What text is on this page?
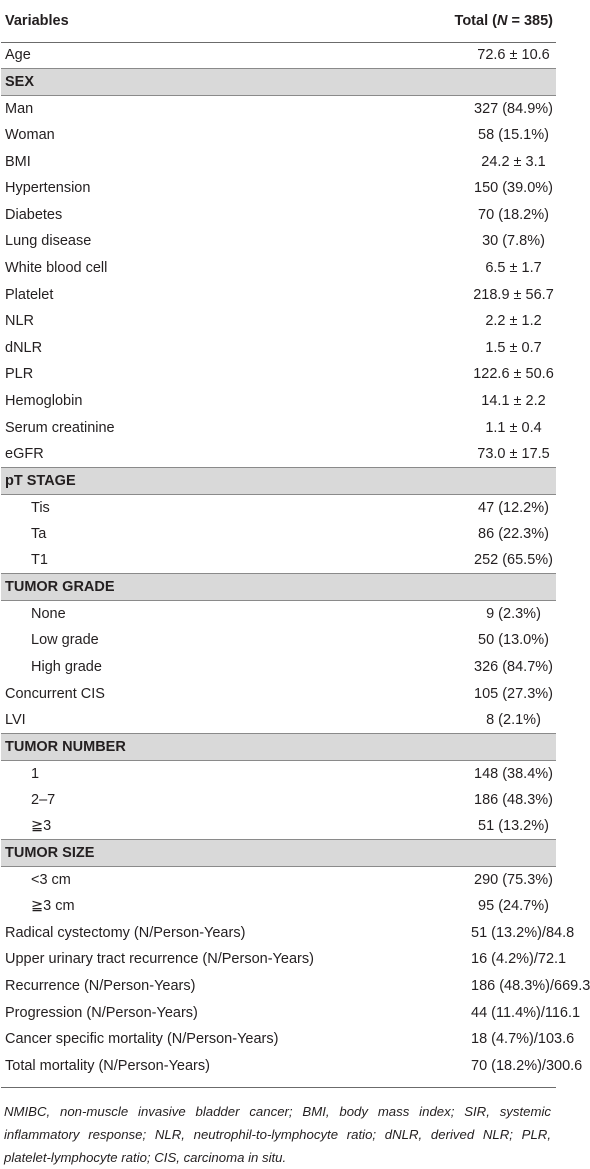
Variables	Total (N = 385)
Age	72.6 ± 10.6
SEX	
Man	327 (84.9%)
Woman	58 (15.1%)
BMI	24.2 ± 3.1
Hypertension	150 (39.0%)
Diabetes	70 (18.2%)
Lung disease	30 (7.8%)
White blood cell	6.5 ± 1.7
Platelet	218.9 ± 56.7
NLR	2.2 ± 1.2
dNLR	1.5 ± 0.7
PLR	122.6 ± 50.6
Hemoglobin	14.1 ± 2.2
Serum creatinine	1.1 ± 0.4
eGFR	73.0 ± 17.5
pT STAGE	
Tis	47 (12.2%)
Ta	86 (22.3%)
T1	252 (65.5%)
TUMOR GRADE	
None	9 (2.3%)
Low grade	50 (13.0%)
High grade	326 (84.7%)
Concurrent CIS	105 (27.3%)
LVI	8 (2.1%)
TUMOR NUMBER	
1	148 (38.4%)
2–7	186 (48.3%)
≧3	51 (13.2%)
TUMOR SIZE	
<3 cm	290 (75.3%)
≧3 cm	95 (24.7%)
Radical cystectomy (N/Person-Years)	51 (13.2%)/84.8
Upper urinary tract recurrence (N/Person-Years)	16 (4.2%)/72.1
Recurrence (N/Person-Years)	186 (48.3%)/669.3
Progression (N/Person-Years)	44 (11.4%)/116.1
Cancer specific mortality (N/Person-Years)	18 (4.7%)/103.6
Total mortality (N/Person-Years)	70 (18.2%)/300.6
NMIBC, non-muscle invasive bladder cancer; BMI, body mass index; SIR, systemic inflammatory response; NLR, neutrophil-to-lymphocyte ratio; dNLR, derived NLR; PLR, platelet-lymphocyte ratio; CIS, carcinoma in situ.
